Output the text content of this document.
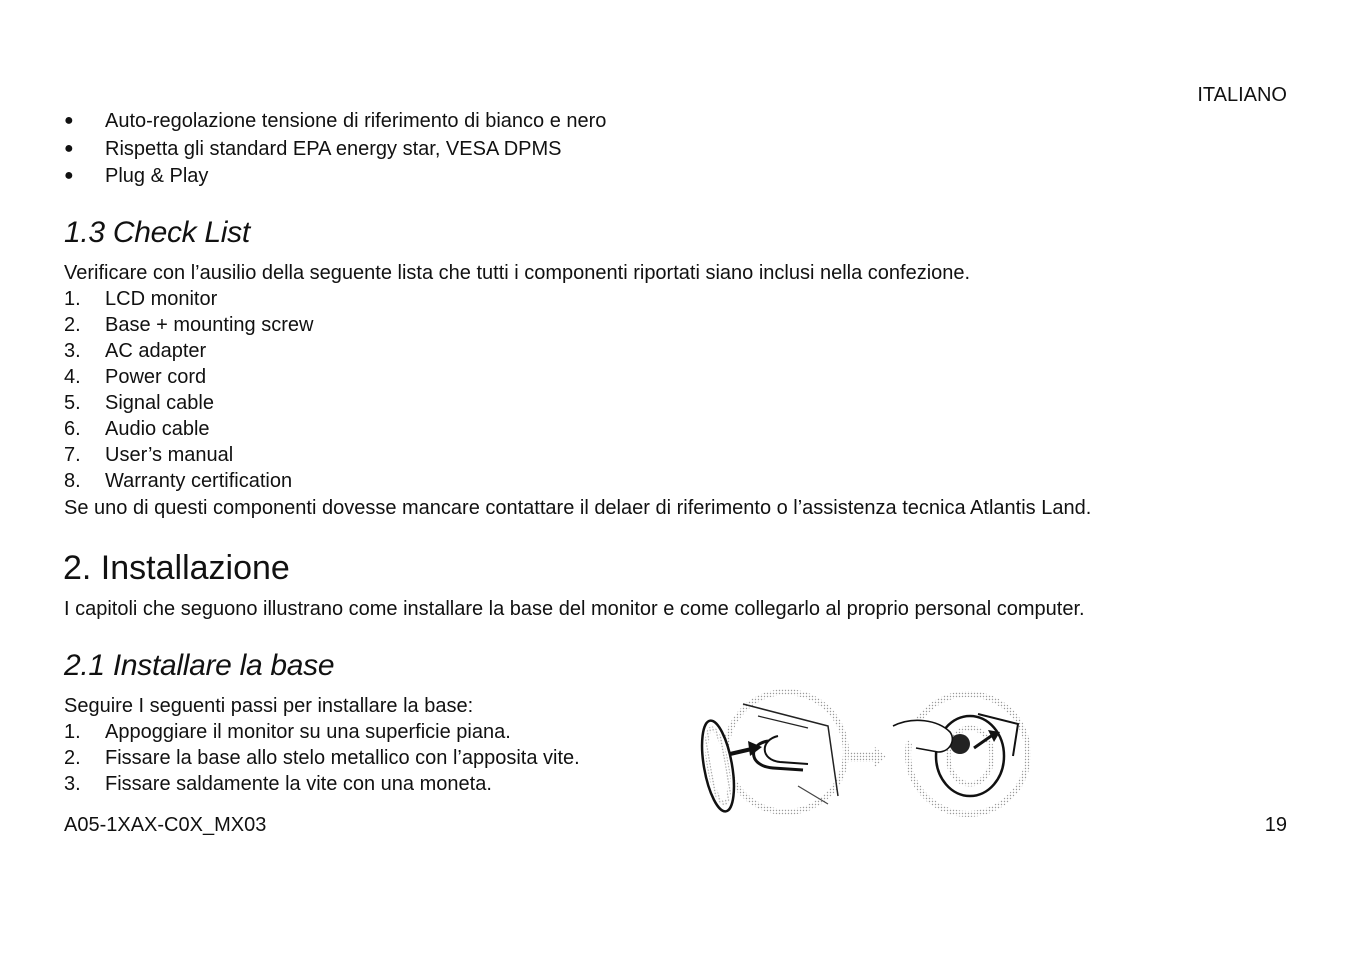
ITALIANO
● Auto-regolazione tensione di riferimento di bianco e nero
● Rispetta gli standard EPA energy star, VESA DPMS
● Plug & Play
1.3 Check List
Verificare con l’ausilio della seguente lista che tutti i componenti riportati siano inclusi nella confezione.
1. LCD monitor
2. Base + mounting screw
3. AC adapter
4. Power cord
5. Signal cable
6. Audio cable
7. User’s manual
8. Warranty certification
Se uno di questi componenti dovesse mancare contattare il delaer di riferimento o l’assistenza tecnica Atlantis Land.
2. Installazione
I capitoli che seguono illustrano come installare la base del monitor e come collegarlo al proprio personal computer.
2.1 Installare la base
Seguire I seguenti passi per installare la base:
1. Appoggiare il monitor su una superficie piana.
2. Fissare la base allo stelo metallico con l’apposita vite.
3. Fissare saldamente la vite con una moneta.
A05-1XAX-C0X_MX03	19
